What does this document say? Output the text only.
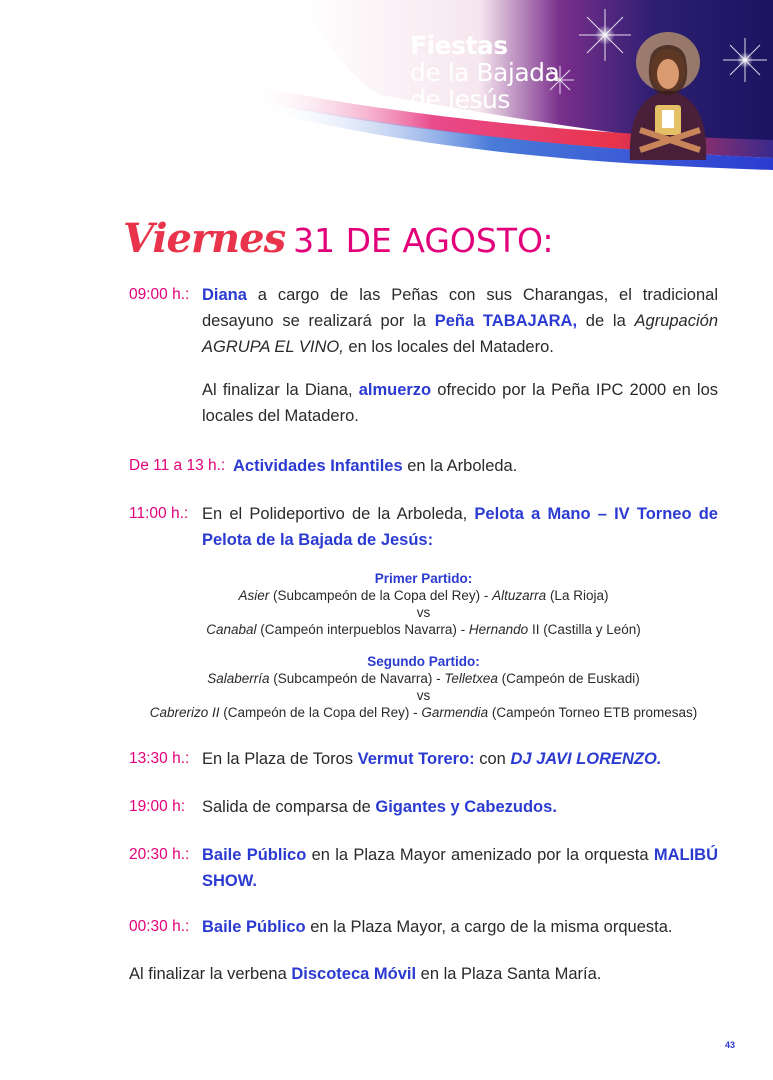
Fiestas
de la Bajada
de Jesús
Viernes 31 DE AGOSTO:
09:00 h.: Diana a cargo de las Peñas con sus Charangas, el tradicional desayuno se realizará por la Peña TABAJARA, de la Agrupación AGRUPA EL VINO, en los locales del Matadero.
Al finalizar la Diana, almuerzo ofrecido por la Peña IPC 2000 en los locales del Matadero.
De 11 a 13 h.: Actividades Infantiles en la Arboleda.
11:00 h.: En el Polideportivo de la Arboleda, Pelota a Mano – IV Torneo de Pelota de la Bajada de Jesús:
Primer Partido:
Asier (Subcampeón de la Copa del Rey) - Altuzarra (La Rioja)
vs
Canabal (Campeón interpueblos Navarra) - Hernando II (Castilla y León)
Segundo Partido:
Salaberría (Subcampeón de Navarra) - Telletxea (Campeón de Euskadi)
vs
Cabrerizo II (Campeón de la Copa del Rey) - Garmendia (Campeón Torneo ETB promesas)
13:30 h.: En la Plaza de Toros Vermut Torero: con DJ JAVI LORENZO.
19:00 h: Salida de comparsa de Gigantes y Cabezudos.
20:30 h.: Baile Público en la Plaza Mayor amenizado por la orquesta MALIBÚ SHOW.
00:30 h.: Baile Público en la Plaza Mayor, a cargo de la misma orquesta.
Al finalizar la verbena Discoteca Móvil en la Plaza Santa María.
43
